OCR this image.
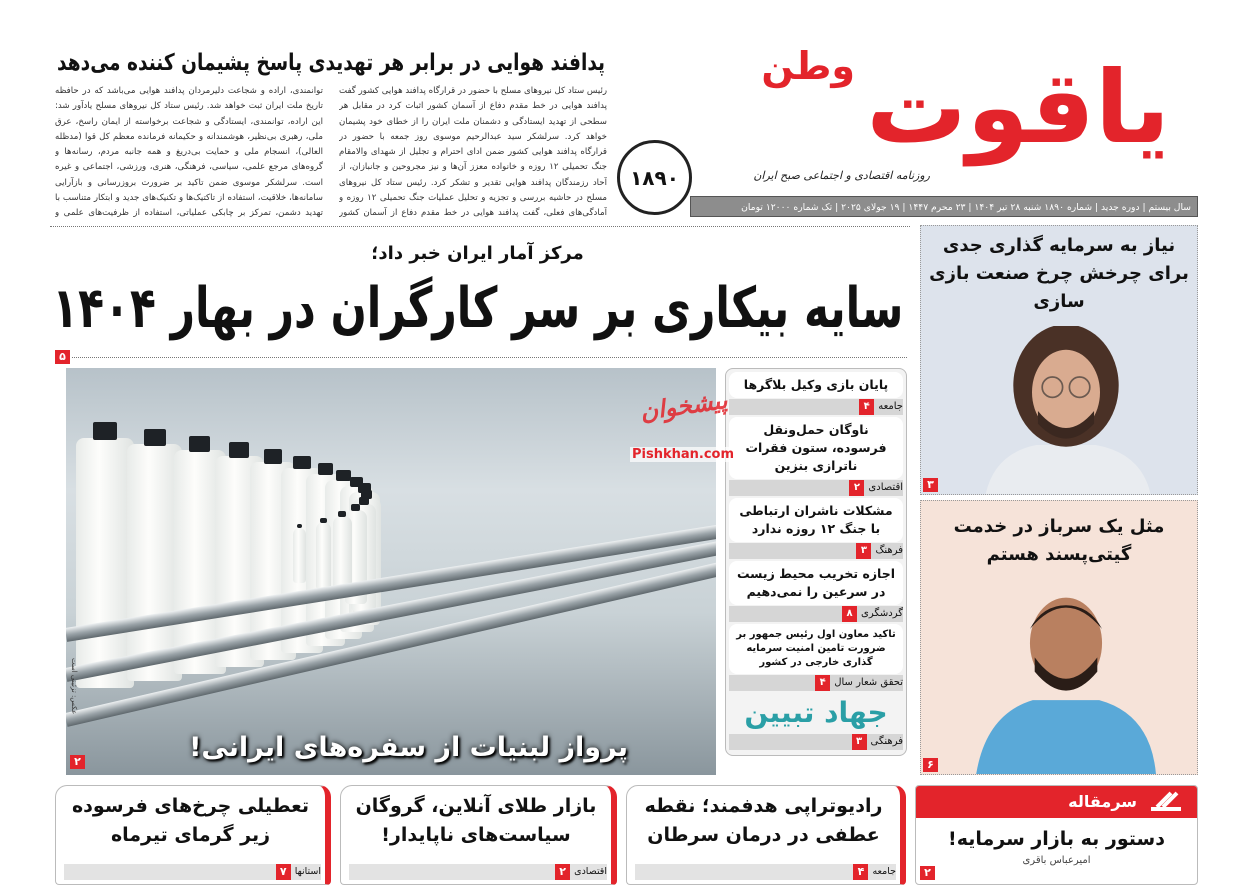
پدافند هوایی در برابر هر تهدیدی پاسخ پشیمان کننده می‌دهد
رئیس ستاد کل نیروهای مسلح با حضور در قرارگاه پدافند هوایی کشور گفت پدافند هوایی در خط مقدم دفاع از آسمان کشور اثبات کرد در مقابل هر سطحی از تهدید ایستادگی و دشمنان ملت ایران را از خطای خود پشیمان خواهد کرد. سرلشکر سید عبدالرحیم موسوی روز جمعه با حضور در قرارگاه پدافند هوایی کشور ضمن ادای احترام و تجلیل از شهدای والامقام جنگ تحمیلی ۱۲ روزه و خانواده معزز آن‌ها و نیز مجروحین و جانبازان، از آحاد رزمندگان پدافند هوایی تقدیر و تشکر کرد. رئیس ستاد کل نیروهای مسلح در حاشیه بررسی و تجزیه و تحلیل عملیات جنگ تحمیلی ۱۲ روزه و آمادگی‌های فعلی، گفت پدافند هوایی در خط مقدم دفاع از آسمان کشور
توانمندی، اراده و شجاعت دلیرمردان پدافند هوایی می‌باشد که در حافظه تاریخ ملت ایران ثبت خواهد شد. رئیس ستاد کل نیروهای مسلح یادآور شد: این اراده، توانمندی، ایستادگی و شجاعت برخواسته از ایمان راسخ، عرق ملی، رهبری بی‌نظیر، هوشمندانه و حکیمانه فرمانده معظم کل قوا (مدظله العالی)، انسجام ملی و حمایت بی‌دریغ و همه جانبه مردم، رسانه‌ها و گروه‌های مرجع علمی، سیاسی، فرهنگی، هنری، ورزشی، اجتماعی و غیره است. سرلشکر موسوی ضمن تاکید بر ضرورت بروزرسانی و بازآرایی سامانه‌ها، خلاقیت، استفاده از تاکتیک‌ها و تکنیک‌های جدید و ابتکار متناسب با تهدید دشمن، تمرکز بر چابکی عملیاتی، استفاده از ظرفیت‌های علمی و
یاقوت
وطن
روزنامه اقتصادی و اجتماعی صبح ایران
سال بیستم | دوره جدید | شماره ۱۸۹۰ شنبه ۲۸ تیر ۱۴۰۴ | ۲۳ محرم ۱۴۴۷ | ۱۹ جولای ۲۰۲۵ | تک شماره ۱۲۰۰۰ تومان
۱۸۹۰
مرکز آمار ایران خبر داد؛
سایه بیکاری بر سر کارگران در بهار ۱۴۰۴
۵
پرواز لبنیات از سفره‌های ایرانی!
عکس: تزئینی است
۲
پایان بازی وکیل بلاگرها
جامعه
۴
ناوگان حمل‌ونقل فرسوده، ستون فقرات ناترازی بنزین
اقتصادی
۲
مشکلات ناشران ارتباطی با جنگ ۱۲ روزه ندارد
فرهنگ
۳
اجازه تخریب محیط زیست در سرعین را نمی‌دهیم
گردشگری
۸
تاکید معاون اول رئیس جمهور بر ضرورت تامین امنیت سرمایه گذاری خارجی در کشور
تحقق شعار سال
۴
جهاد تبیین
فرهنگی
۳
پیشخوان
Pishkhan.com
نیاز به سرمایه گذاری جدی برای چرخش چرخ صنعت بازی سازی
۳
مثل یک سرباز در خدمت گیتی‌پسند هستم
۶
تعطیلی چرخ‌های فرسوده زیر گرمای تیرماه
استانها
۷
بازار طلای آنلاین، گروگان سیاست‌های ناپایدار!
اقتصادی
۲
رادیوتراپی هدفمند؛ نقطه عطفی در درمان سرطان
جامعه
۴
سرمقاله
دستور به بازار سرمایه!
امیرعباس باقری
۲
